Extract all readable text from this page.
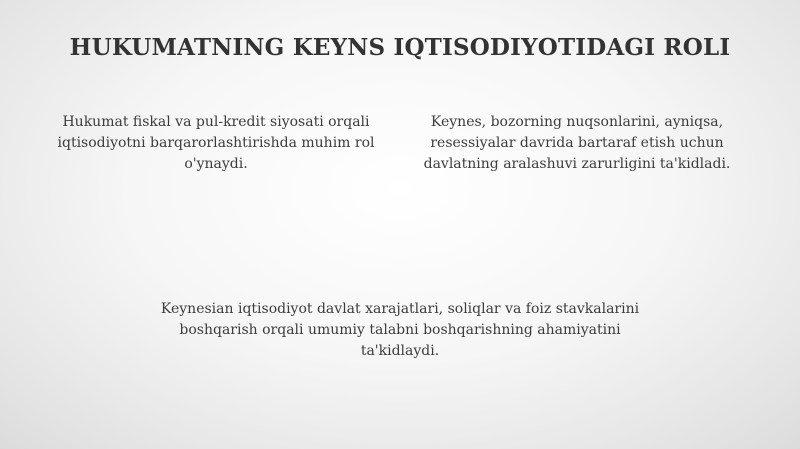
HUKUMATNING KEYNS IQTISODIYOTIDAGI ROLI

Hukumat fiskal va pul-kredit siyosati orqali iqtisodiyotni barqarorlashtirishda muhim rol o'ynaydi.

Keynes, bozorning nuqsonlarini, ayniqsa, resessiyalar davrida bartaraf etish uchun davlatning aralashuvi zarurligini ta'kidladi.

Keynesian iqtisodiyot davlat xarajatlari, soliqlar va foiz stavkalarini boshqarish orqali umumiy talabni boshqarishning ahamiyatini ta'kidlaydi.
